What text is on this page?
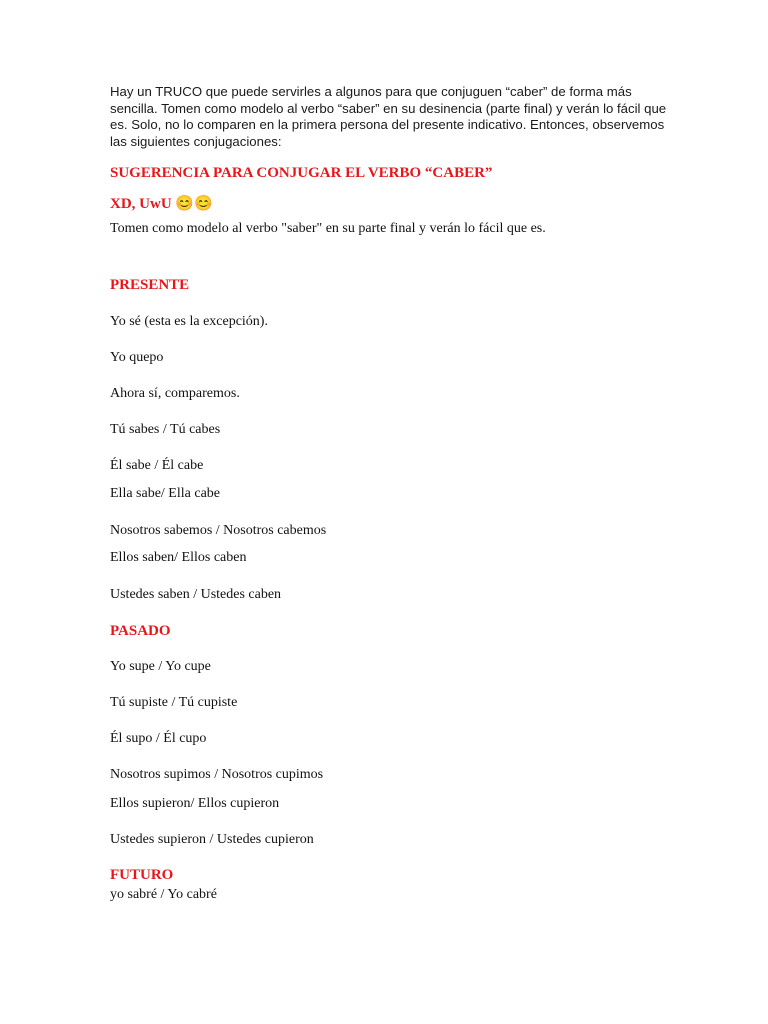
Hay un TRUCO que puede servirles a algunos para que conjuguen “caber” de forma más sencilla. Tomen como modelo al verbo “saber” en su desinencia (parte final) y verán lo fácil que es. Solo, no lo comparen en la primera persona del presente indicativo. Entonces, observemos las siguientes conjugaciones:

SUGERENCIA PARA CONJUGAR EL VERBO “CABER”

XD, UwU 😊😊

Tomen como modelo al verbo "saber" en su parte final y verán lo fácil que es.

PRESENTE

Yo sé (esta es la excepción).

Yo quepo

Ahora sí, comparemos.

Tú sabes / Tú cabes

Él sabe / Él cabe

Ella sabe/ Ella cabe

Nosotros sabemos / Nosotros cabemos

Ellos saben/ Ellos caben

Ustedes saben / Ustedes caben

PASADO

Yo supe / Yo cupe

Tú supiste / Tú cupiste

Él supo / Él cupo

Nosotros supimos / Nosotros cupimos

Ellos supieron/ Ellos cupieron

Ustedes supieron / Ustedes cupieron

FUTURO

yo sabré / Yo cabré
